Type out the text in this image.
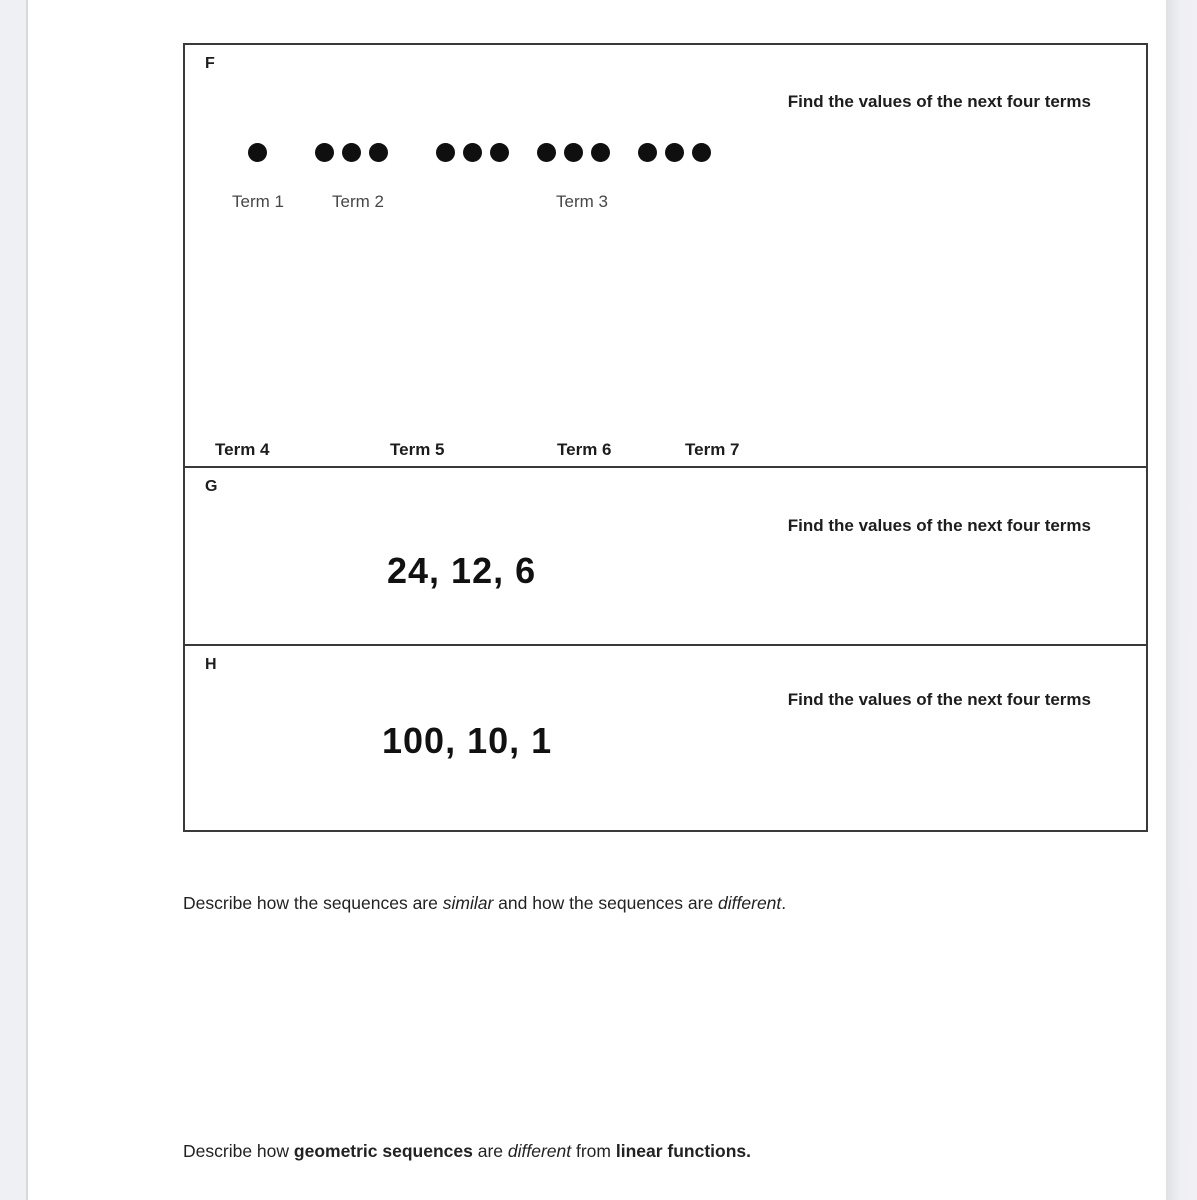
F
Find the values of the next four terms
Term 1	Term 2	Term 3
Term 4	Term 5	Term 6	Term 7
G
Find the values of the next four terms
24, 12, 6
H
Find the values of the next four terms
100, 10, 1
Describe how the sequences are similar and how the sequences are different.
Describe how geometric sequences are different from linear functions.
